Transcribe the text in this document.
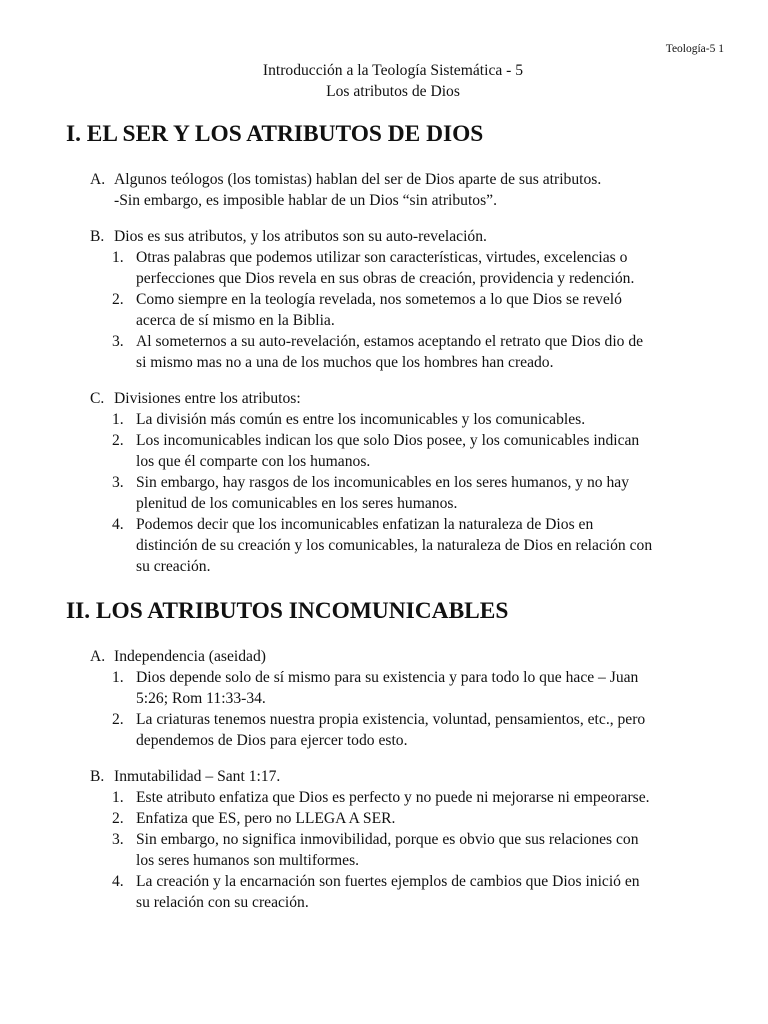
Teología-5 1
Introducción a la Teología Sistemática - 5
Los atributos de Dios
I. EL SER Y LOS ATRIBUTOS DE DIOS
A. Algunos teólogos (los tomistas) hablan del ser de Dios aparte de sus atributos.
-Sin embargo, es imposible hablar de un Dios “sin atributos”.
B. Dios es sus atributos, y los atributos son su auto-revelación.
1. Otras palabras que podemos utilizar son características, virtudes, excelencias o
perfecciones que Dios revela en sus obras de creación, providencia y redención.
2. Como siempre en la teología revelada, nos sometemos a lo que Dios se reveló
acerca de sí mismo en la Biblia.
3. Al someternos a su auto-revelación, estamos aceptando el retrato que Dios dio de
si mismo mas no a una de los muchos que los hombres han creado.
C. Divisiones entre los atributos:
1. La división más común es entre los incomunicables y los comunicables.
2. Los incomunicables indican los que solo Dios posee, y los comunicables indican
los que él comparte con los humanos.
3. Sin embargo, hay rasgos de los incomunicables en los seres humanos, y no hay
plenitud de los comunicables en los seres humanos.
4. Podemos decir que los incomunicables enfatizan la naturaleza de Dios en
distinción de su creación y los comunicables, la naturaleza de Dios en relación con
su creación.
II. LOS ATRIBUTOS INCOMUNICABLES
A. Independencia (aseidad)
1. Dios depende solo de sí mismo para su existencia y para todo lo que hace – Juan
5:26; Rom 11:33-34.
2. La criaturas tenemos nuestra propia existencia, voluntad, pensamientos, etc., pero
dependemos de Dios para ejercer todo esto.
B. Inmutabilidad – Sant 1:17.
1. Este atributo enfatiza que Dios es perfecto y no puede ni mejorarse ni empeorarse.
2. Enfatiza que ES, pero no LLEGA A SER.
3. Sin embargo, no significa inmovibilidad, porque es obvio que sus relaciones con
los seres humanos son multiformes.
4. La creación y la encarnación son fuertes ejemplos de cambios que Dios inició en
su relación con su creación.
